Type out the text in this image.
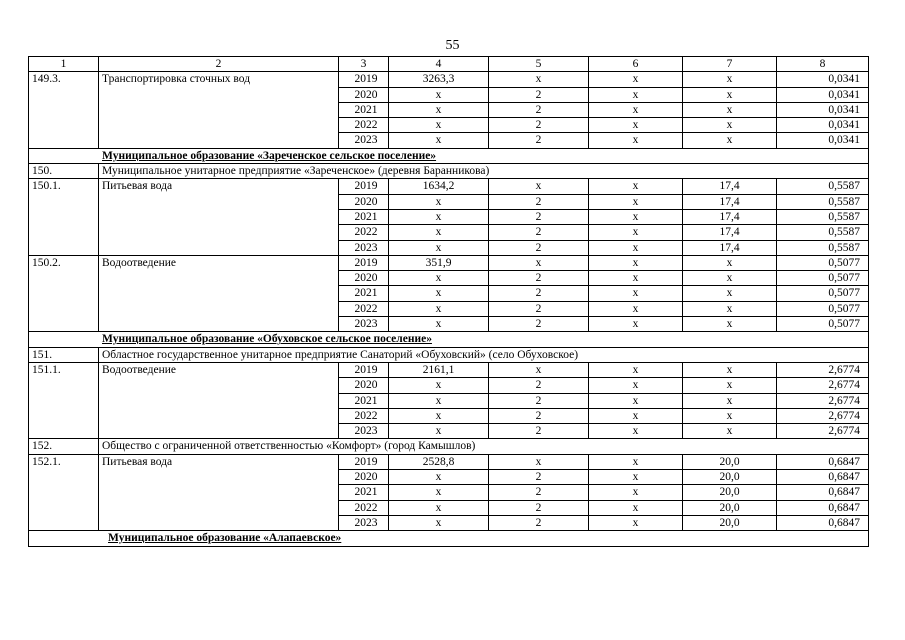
55
1	2	3	4	5	6	7	8
149.3.	Транспортировка сточных вод	2019	3263,3	x	x	x	0,0341
		2020	x	2	x	x	0,0341
		2021	x	2	x	x	0,0341
		2022	x	2	x	x	0,0341
		2023	x	2	x	x	0,0341
Муниципальное образование «Зареченское сельское поселение»							
150.	Муниципальное унитарное предприятие «Зареченское» (деревня Баранникова)						
150.1.	Питьевая вода	2019	1634,2	x	x	17,4	0,5587
		2020	x	2	x	17,4	0,5587
		2021	x	2	x	17,4	0,5587
		2022	x	2	x	17,4	0,5587
		2023	x	2	x	17,4	0,5587
150.2.	Водоотведение	2019	351,9	x	x	x	0,5077
		2020	x	2	x	x	0,5077
		2021	x	2	x	x	0,5077
		2022	x	2	x	x	0,5077
		2023	x	2	x	x	0,5077
Муниципальное образование «Обуховское сельское поселение»							
151.	Областное государственное унитарное предприятие Санаторий «Обуховский» (село Обуховское)						
151.1.	Водоотведение	2019	2161,1	x	x	x	2,6774
		2020	x	2	x	x	2,6774
		2021	x	2	x	x	2,6774
		2022	x	2	x	x	2,6774
		2023	x	2	x	x	2,6774
152.	Общество с ограниченной ответственностью «Комфорт» (город Камышлов)						
152.1.	Питьевая вода	2019	2528,8	x	x	20,0	0,6847
		2020	x	2	x	20,0	0,6847
		2021	x	2	x	20,0	0,6847
		2022	x	2	x	20,0	0,6847
		2023	x	2	x	20,0	0,6847
Муниципальное образование «Алапаевское»							
